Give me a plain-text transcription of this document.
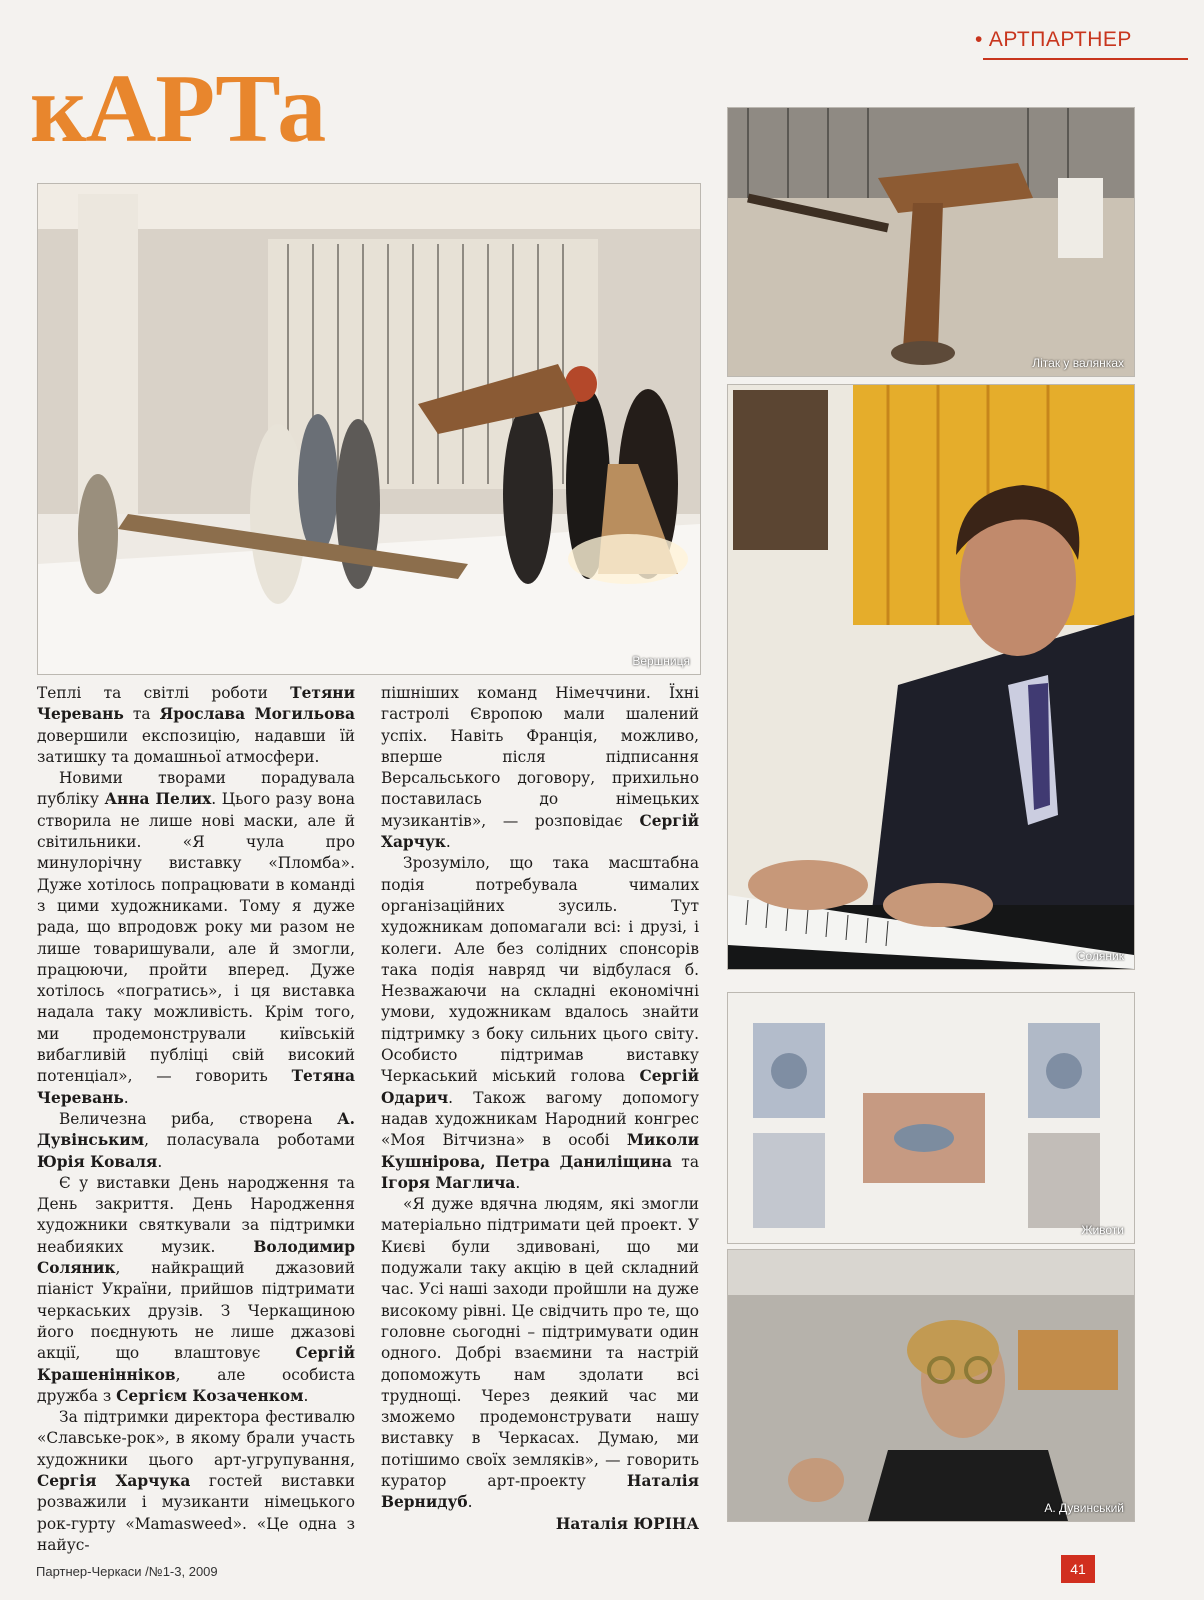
• АРТПАРТНЕР
кАРТа
Вершниця
Літак у валянках
Соляник
Животи
А. Дувинський

Теплі та світлі роботи Тетяни Черевань та Ярослава Могильова довершили експозицію, надавши їй затишку та домашньої атмосфери.

Новими творами порадувала публіку Анна Пелих. Цього разу вона створила не лише нові маски, але й світильники. «Я чула про минулорічну виставку «Пломба». Дуже хотілось попрацювати в команді з цими художниками. Тому я дуже рада, що впродовж року ми разом не лише товаришували, але й змогли, працюючи, пройти вперед. Дуже хотілось «погратись», і ця виставка надала таку можливість. Крім того, ми продемонстрували київській вибагливій публіці свій високий потенціал», — говорить Тетяна Черевань.

Величезна риба, створена А. Дувінським, поласувала роботами Юрія Коваля.

Є у виставки День народження та День закриття. День Народження художники святкували за підтримки неабияких музик. Володимир Соляник, найкращий джазовий піаніст України, прийшов підтримати черкаських друзів. З Черкащиною його поєднують не лише джазові акції, що влаштовує Сергій Крашенінніков, але особиста дружба з Сергієм Козаченком.

За підтримки директора фестивалю «Славське-рок», в якому брали участь художники цього арт-угрупування, Сергія Харчука гостей виставки розважили і музиканти німецького рок-гурту «Mamasweed». «Це одна з найус-

пішніших команд Німеччини. Їхні гастролі Європою мали шалений успіх. Навіть Франція, можливо, вперше після підписання Версальського договору, прихильно поставилась до німецьких музикантів», — розповідає Сергій Харчук.

Зрозуміло, що така масштабна подія потребувала чималих організаційних зусиль. Тут художникам допомагали всі: і друзі, і колеги. Але без солідних спонсорів така подія навряд чи відбулася б. Незважаючи на складні економічні умови, художникам вдалось знайти підтримку з боку сильних цього світу. Особисто підтримав виставку Черкаський міський голова Сергій Одарич. Також вагому допомогу надав художникам Народний конгрес «Моя Вітчизна» в особі Миколи Кушнірова, Петра Даниліщина та Ігоря Маглича.

«Я дуже вдячна людям, які змогли матеріально підтримати цей проект. У Києві були здивовані, що ми подужали таку акцію в цей складний час. Усі наші заходи пройшли на дуже високому рівні. Це свідчить про те, що головне сьогодні – підтримувати один одного. Добрі взаємини та настрій допоможуть нам здолати всі труднощі. Через деякий час ми зможемо продемонструвати нашу виставку в Черкасах. Думаю, ми потішимо своїх земляків», — говорить куратор арт-проекту Наталія Вернидуб.

Наталія ЮРІНА

Партнер-Черкаси /№1-3, 2009	41
